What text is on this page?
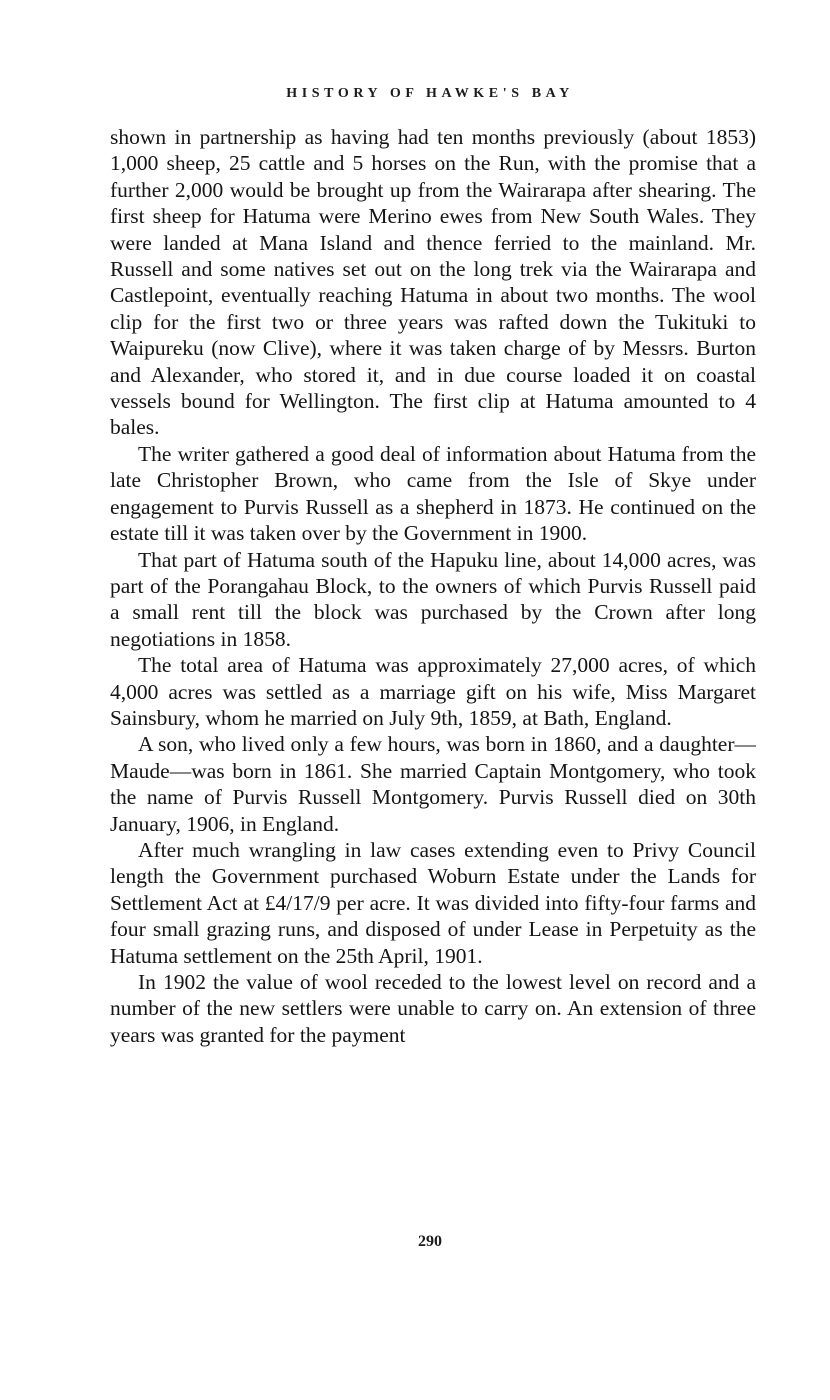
HISTORY OF HAWKE'S BAY

shown in partnership as having had ten months previously (about 1853) 1,000 sheep, 25 cattle and 5 horses on the Run, with the promise that a further 2,000 would be brought up from the Wairarapa after shearing. The first sheep for Hatuma were Merino ewes from New South Wales. They were landed at Mana Island and thence ferried to the mainland. Mr. Russell and some natives set out on the long trek via the Wairarapa and Castlepoint, eventually reaching Hatuma in about two months. The wool clip for the first two or three years was rafted down the Tukituki to Waipureku (now Clive), where it was taken charge of by Messrs. Burton and Alexander, who stored it, and in due course loaded it on coastal vessels bound for Wellington. The first clip at Hatuma amounted to 4 bales.

The writer gathered a good deal of information about Hatuma from the late Christopher Brown, who came from the Isle of Skye under engagement to Purvis Russell as a shepherd in 1873. He continued on the estate till it was taken over by the Government in 1900.

That part of Hatuma south of the Hapuku line, about 14,000 acres, was part of the Porangahau Block, to the owners of which Purvis Russell paid a small rent till the block was purchased by the Crown after long negotiations in 1858.

The total area of Hatuma was approximately 27,000 acres, of which 4,000 acres was settled as a marriage gift on his wife, Miss Margaret Sainsbury, whom he married on July 9th, 1859, at Bath, England.

A son, who lived only a few hours, was born in 1860, and a daughter—Maude—was born in 1861. She married Captain Montgomery, who took the name of Purvis Russell Montgomery. Purvis Russell died on 30th January, 1906, in England.

After much wrangling in law cases extending even to Privy Council length the Government purchased Woburn Estate under the Lands for Settlement Act at £4/17/9 per acre. It was divided into fifty-four farms and four small grazing runs, and disposed of under Lease in Perpetuity as the Hatuma settlement on the 25th April, 1901.

In 1902 the value of wool receded to the lowest level on record and a number of the new settlers were unable to carry on. An extension of three years was granted for the payment

290
